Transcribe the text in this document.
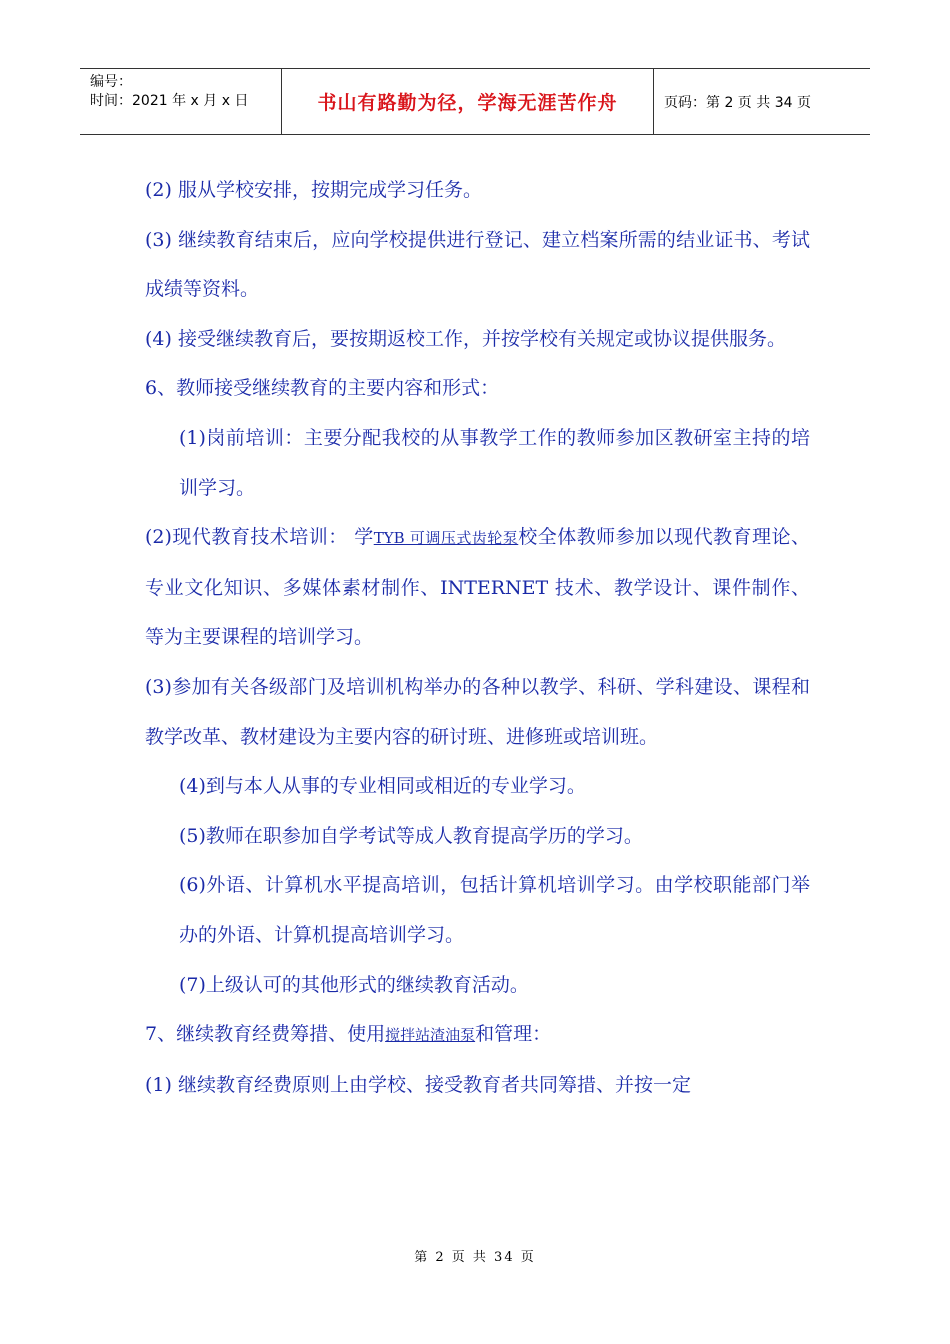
编号：
时间：2021 年 x 月 x 日	书山有路勤为径，学海无涯苦作舟	页码：第 2 页 共 34 页

(2) 服从学校安排，按期完成学习任务。

(3) 继续教育结束后，应向学校提供进行登记、建立档案所需的结业证书、考试成绩等资料。

(4) 接受继续教育后，要按期返校工作，并按学校有关规定或协议提供服务。

6、教师接受继续教育的主要内容和形式：

(1)岗前培训：主要分配我校的从事教学工作的教师参加区教研室主持的培训学习。

(2)现代教育技术培训： 学TYB 可调压式齿轮泵校全体教师参加以现代教育理论、专业文化知识、多媒体素材制作、INTERNET 技术、教学设计、课件制作、等为主要课程的培训学习。

(3)参加有关各级部门及培训机构举办的各种以教学、科研、学科建设、课程和教学改革、教材建设为主要内容的研讨班、进修班或培训班。

(4)到与本人从事的专业相同或相近的专业学习。

(5)教师在职参加自学考试等成人教育提高学历的学习。

(6)外语、计算机水平提高培训，包括计算机培训学习。由学校职能部门举办的外语、计算机提高培训学习。

(7)上级认可的其他形式的继续教育活动。

7、继续教育经费筹措、使用搅拌站渣油泵和管理：

(1) 继续教育经费原则上由学校、接受教育者共同筹措、并按一定

第 2 页 共 34 页
